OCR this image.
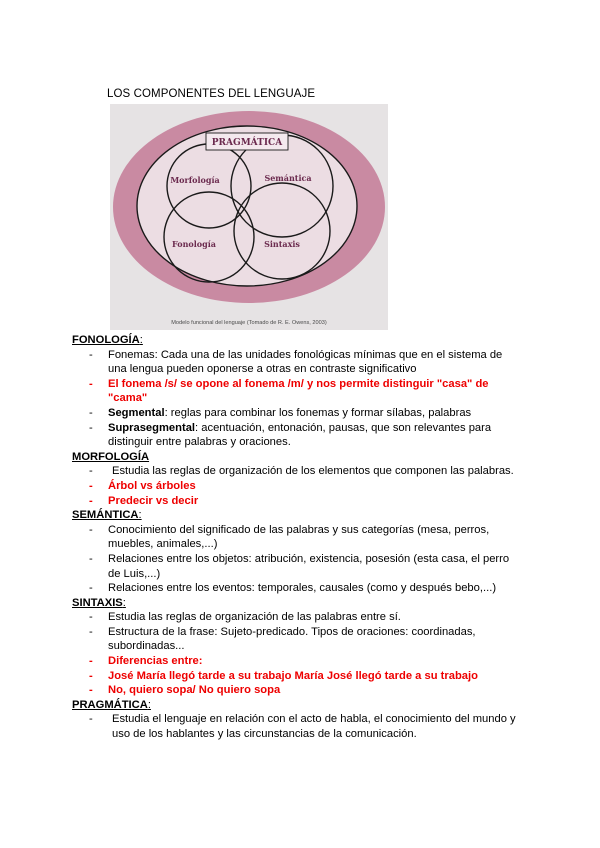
LOS COMPONENTES DEL LENGUAJE
PRAGMÁTICA
Morfología	Semántica
Fonología	Sintaxis
Modelo funcional del lenguaje (Tomado de R. E. Owens, 2003)

FONOLOGÍA:

- Fonemas: Cada una de las unidades fonológicas mínimas que en el sistema de una lengua pueden oponerse a otras en contraste significativo
- El fonema /s/ se opone al fonema /m/ y nos permite distinguir "casa" de "cama"
- Segmental: reglas para combinar los fonemas y formar sílabas, palabras
- Suprasegmental: acentuación, entonación, pausas, que son relevantes para distinguir entre palabras y oraciones.

MORFOLOGÍA

- Estudia las reglas de organización de los elementos que componen las palabras.
- Árbol vs árboles
- Predecir vs decir

SEMÁNTICA:

- Conocimiento del significado de las palabras y sus categorías (mesa, perros, muebles, animales,...)
- Relaciones entre los objetos: atribución, existencia, posesión (esta casa, el perro de Luis,...)
- Relaciones entre los eventos: temporales, causales (como y después bebo,...)

SINTAXIS:

- Estudia las reglas de organización de las palabras entre sí.
- Estructura de la frase: Sujeto-predicado. Tipos de oraciones: coordinadas, subordinadas...
- Diferencias entre:
- José María llegó tarde a su trabajo María José llegó tarde a su trabajo
- No, quiero sopa/ No quiero sopa

PRAGMÁTICA:

- Estudia el lenguaje en relación con el acto de habla, el conocimiento del mundo y uso de los hablantes y las circunstancias de la comunicación.
